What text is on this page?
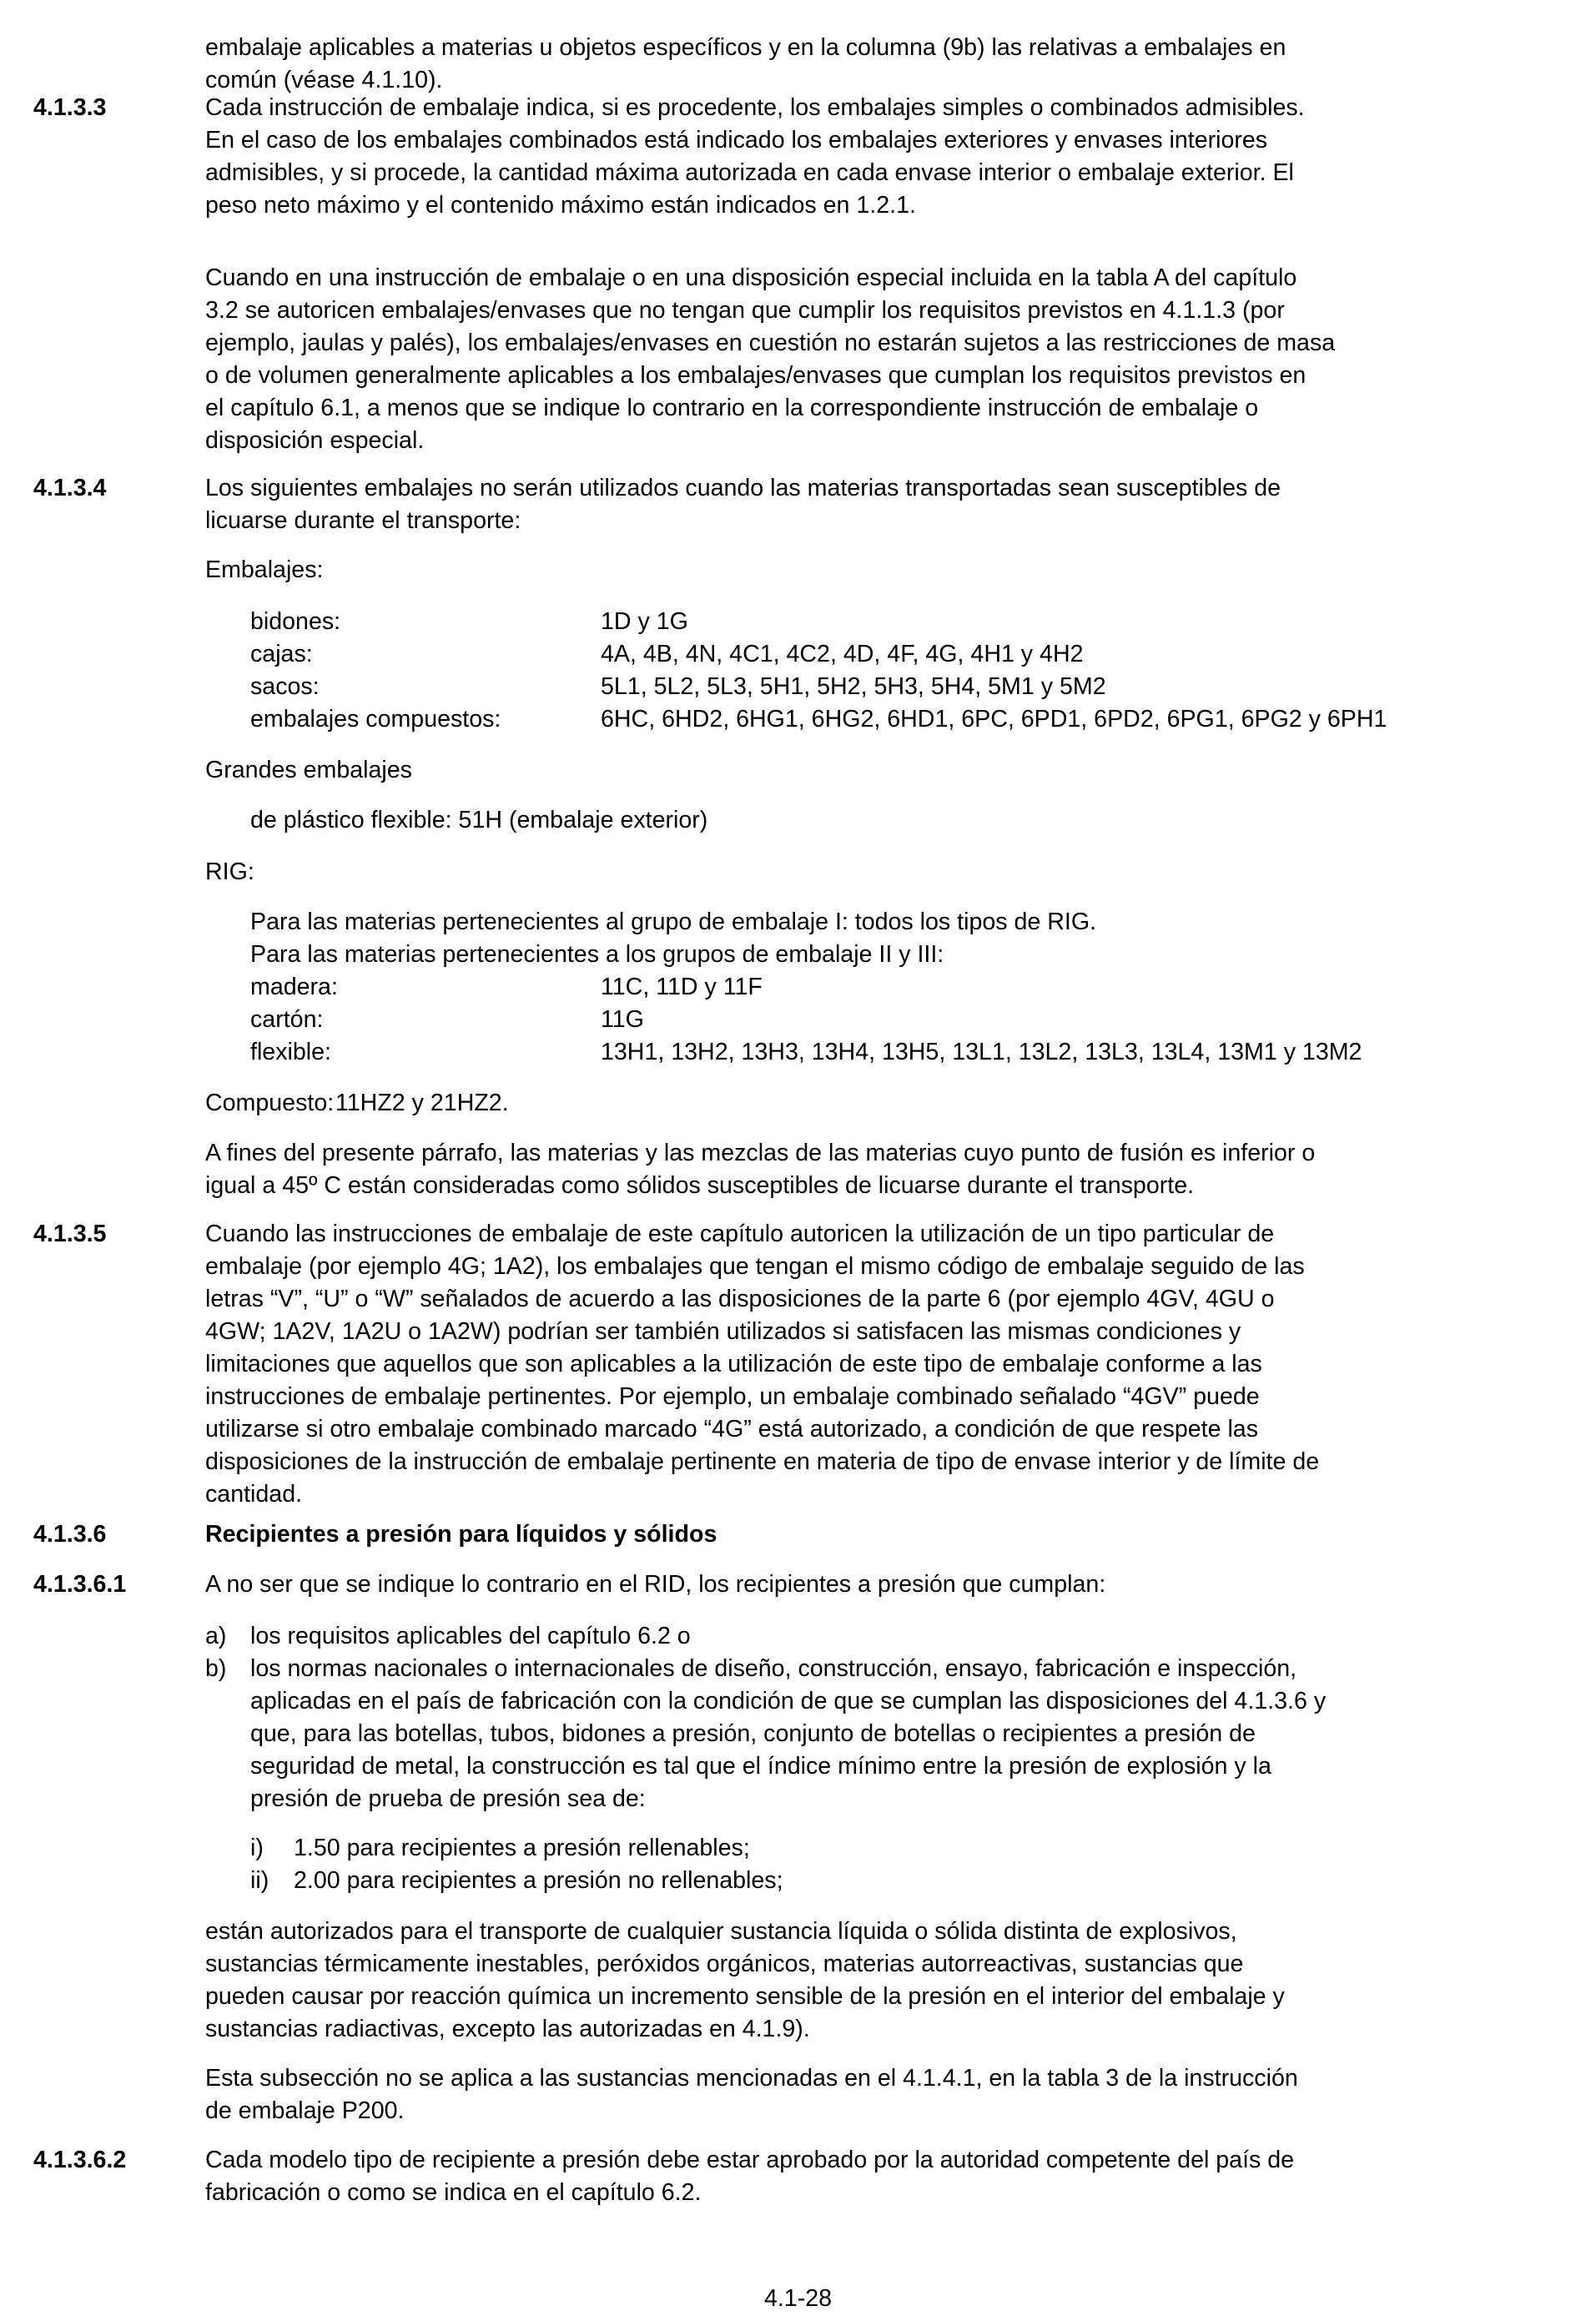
embalaje aplicables a materias u objetos específicos y en la columna (9b) las relativas a embalajes en

común (véase 4.1.10).

4.1.3.3	Cada instrucción de embalaje indica, si es procedente, los embalajes simples o combinados admisibles.

En el caso de los embalajes combinados está indicado los embalajes exteriores y envases interiores

admisibles, y si procede, la cantidad máxima autorizada en cada envase interior o embalaje exterior. El

peso neto máximo y el contenido máximo están indicados en 1.2.1.

Cuando en una instrucción de embalaje o en una disposición especial incluida en la tabla A del capítulo

3.2 se autoricen embalajes/envases que no tengan que cumplir los requisitos previstos en 4.1.1.3 (por

ejemplo, jaulas y palés), los embalajes/envases en cuestión no estarán sujetos a las restricciones de masa

o de volumen generalmente aplicables a los embalajes/envases que cumplan los requisitos previstos en

el capítulo 6.1, a menos que se indique lo contrario en la correspondiente instrucción de embalaje o

disposición especial.

4.1.3.4	Los siguientes embalajes no serán utilizados cuando las materias transportadas sean susceptibles de

licuarse durante el transporte:

Embalajes:
bidones:	1D y 1G
cajas:	4A, 4B, 4N, 4C1, 4C2, 4D, 4F, 4G, 4H1 y 4H2
sacos:	5L1, 5L2, 5L3, 5H1, 5H2, 5H3, 5H4, 5M1 y 5M2
embalajes compuestos:	6HC, 6HD2, 6HG1, 6HG2, 6HD1, 6PC, 6PD1, 6PD2, 6PG1, 6PG2 y 6PH1
Grandes embalajes
de plástico flexible: 51H (embalaje exterior)
RIG:
Para las materias pertenecientes al grupo de embalaje I: todos los tipos de RIG.
Para las materias pertenecientes a los grupos de embalaje II y III:
madera:	11C, 11D y 11F
cartón:	11G
flexible:	13H1, 13H2, 13H3, 13H4, 13H5, 13L1, 13L2, 13L3, 13L4, 13M1 y 13M2
Compuesto: 11HZ2 y 21HZ2.

A fines del presente párrafo, las materias y las mezclas de las materias cuyo punto de fusión es inferior o

igual a 45º C están consideradas como sólidos susceptibles de licuarse durante el transporte.

4.1.3.5	Cuando las instrucciones de embalaje de este capítulo autoricen la utilización de un tipo particular de

embalaje (por ejemplo 4G; 1A2), los embalajes que tengan el mismo código de embalaje seguido de las

letras “V”, “U” o “W” señalados de acuerdo a las disposiciones de la parte 6 (por ejemplo 4GV, 4GU o

4GW; 1A2V, 1A2U o 1A2W) podrían ser también utilizados si satisfacen las mismas condiciones y

limitaciones que aquellos que son aplicables a la utilización de este tipo de embalaje conforme a las

instrucciones de embalaje pertinentes. Por ejemplo, un embalaje combinado señalado “4GV” puede

utilizarse si otro embalaje combinado marcado “4G” está autorizado, a condición de que respete las

disposiciones de la instrucción de embalaje pertinente en materia de tipo de envase interior y de límite de

cantidad.

4.1.3.6	Recipientes a presión para líquidos y sólidos
4.1.3.6.1	A no ser que se indique lo contrario en el RID, los recipientes a presión que cumplan:
a) los requisitos aplicables del capítulo 6.2 o
b) los normas nacionales o internacionales de diseño, construcción, ensayo, fabricación e inspección,
aplicadas en el país de fabricación con la condición de que se cumplan las disposiciones del 4.1.3.6 y
que, para las botellas, tubos, bidones a presión, conjunto de botellas o recipientes a presión de
seguridad de metal, la construcción es tal que el índice mínimo entre la presión de explosión y la
presión de prueba de presión sea de:
i) 1.50 para recipientes a presión rellenables;
ii) 2.00 para recipientes a presión no rellenables;

están autorizados para el transporte de cualquier sustancia líquida o sólida distinta de explosivos,

sustancias térmicamente inestables, peróxidos orgánicos, materias autorreactivas, sustancias que

pueden causar por reacción química un incremento sensible de la presión en el interior del embalaje y

sustancias radiactivas, excepto las autorizadas en 4.1.9).

Esta subsección no se aplica a las sustancias mencionadas en el 4.1.4.1, en la tabla 3 de la instrucción

de embalaje P200.

4.1.3.6.2	Cada modelo tipo de recipiente a presión debe estar aprobado por la autoridad competente del país de

fabricación o como se indica en el capítulo 6.2.

4.1-28
